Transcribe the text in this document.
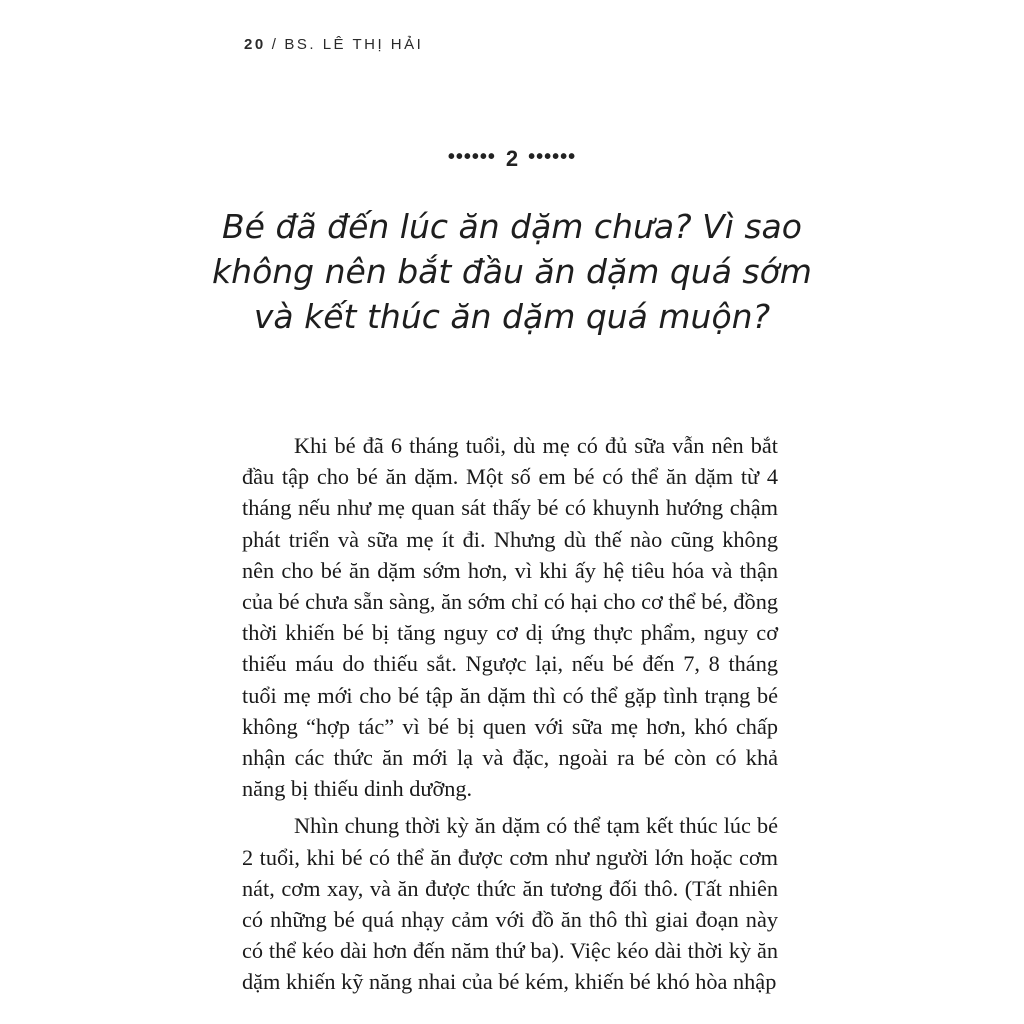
20 / BS. LÊ THỊ HẢI
•••••• 2 ••••••
Bé đã đến lúc ăn dặm chưa? Vì sao không nên bắt đầu ăn dặm quá sớm và kết thúc ăn dặm quá muộn?

Khi bé đã 6 tháng tuổi, dù mẹ có đủ sữa vẫn nên bắt đầu tập cho bé ăn dặm. Một số em bé có thể ăn dặm từ 4 tháng nếu như mẹ quan sát thấy bé có khuynh hướng chậm phát triển và sữa mẹ ít đi. Nhưng dù thế nào cũng không nên cho bé ăn dặm sớm hơn, vì khi ấy hệ tiêu hóa và thận của bé chưa sẵn sàng, ăn sớm chỉ có hại cho cơ thể bé, đồng thời khiến bé bị tăng nguy cơ dị ứng thực phẩm, nguy cơ thiếu máu do thiếu sắt. Ngược lại, nếu bé đến 7, 8 tháng tuổi mẹ mới cho bé tập ăn dặm thì có thể gặp tình trạng bé không “hợp tác” vì bé bị quen với sữa mẹ hơn, khó chấp nhận các thức ăn mới lạ và đặc, ngoài ra bé còn có khả năng bị thiếu dinh dưỡng.

Nhìn chung thời kỳ ăn dặm có thể tạm kết thúc lúc bé 2 tuổi, khi bé có thể ăn được cơm như người lớn hoặc cơm nát, cơm xay, và ăn được thức ăn tương đối thô. (Tất nhiên có những bé quá nhạy cảm với đồ ăn thô thì giai đoạn này có thể kéo dài hơn đến năm thứ ba). Việc kéo dài thời kỳ ăn dặm khiến kỹ năng nhai của bé kém, khiến bé khó hòa nhập
